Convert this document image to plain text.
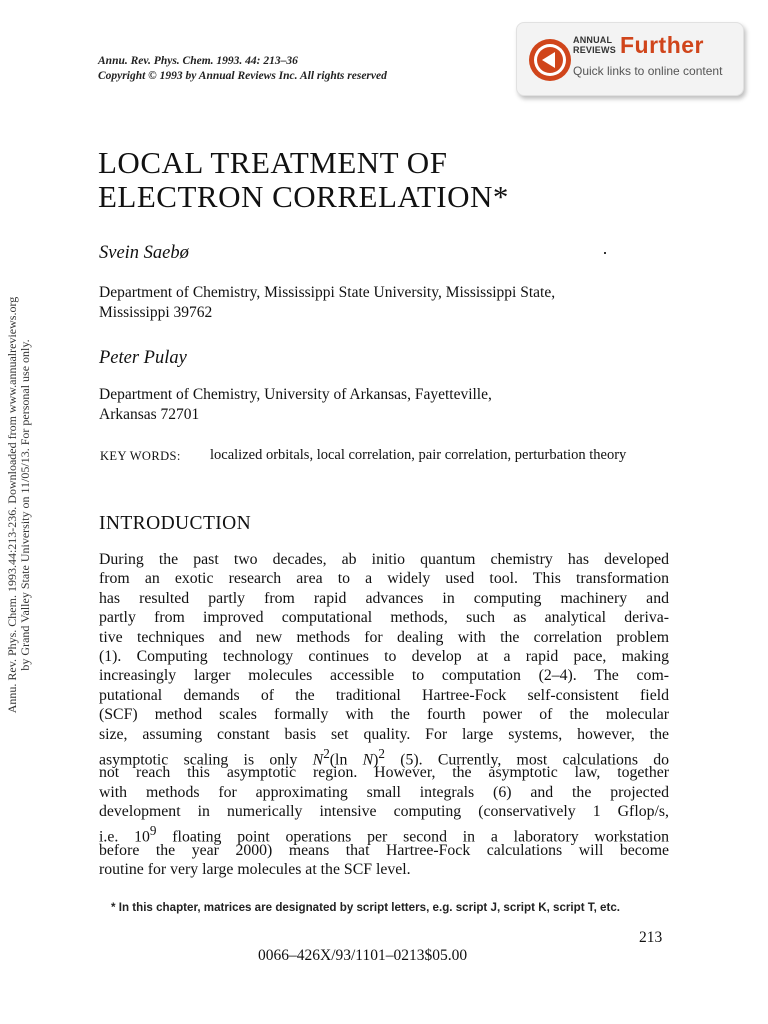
Annu. Rev. Phys. Chem. 1993. 44: 213–36
Copyright © 1993 by Annual Reviews Inc. All rights reserved
ANNUAL
REVIEWS Further
Quick links to online content
Annu. Rev. Phys. Chem. 1993.44:213-236. Downloaded from www.annualreviews.org by Grand Valley State University on 11/05/13. For personal use only.
LOCAL TREATMENT OF
ELECTRON CORRELATION*
Svein Saebø
Department of Chemistry, Mississippi State University, Mississippi State,
Mississippi 39762
Peter Pulay
Department of Chemistry, University of Arkansas, Fayetteville,
Arkansas 72701
KEY WORDS: localized orbitals, local correlation, pair correlation, perturbation theory
INTRODUCTION
During the past two decades, ab initio quantum chemistry has developed
from an exotic research area to a widely used tool. This transformation
has resulted partly from rapid advances in computing machinery and
partly from improved computational methods, such as analytical deriva-
tive techniques and new methods for dealing with the correlation problem
(1). Computing technology continues to develop at a rapid pace, making
increasingly larger molecules accessible to computation (2–4). The com-
putational demands of the traditional Hartree-Fock self-consistent field
(SCF) method scales formally with the fourth power of the molecular
size, assuming constant basis set quality. For large systems, however, the
asymptotic scaling is only $N^2(\ln$ N)$^2$ (5). Currently, most calculations do
not reach this asymptotic region. However, the asymptotic law, together
with methods for approximating small integrals (6) and the projected
development in numerically intensive computing (conservatively 1 Gflop/s,
i.e. $10^9$ floating point operations per second in a laboratory workstation
before the year 2000) means that Hartree-Fock calculations will become
routine for very large molecules at the SCF level.
* In this chapter, matrices are designated by script letters, e.g. script J, script K, script T, etc.
213
0066–426X/93/1101–0213$05.00
